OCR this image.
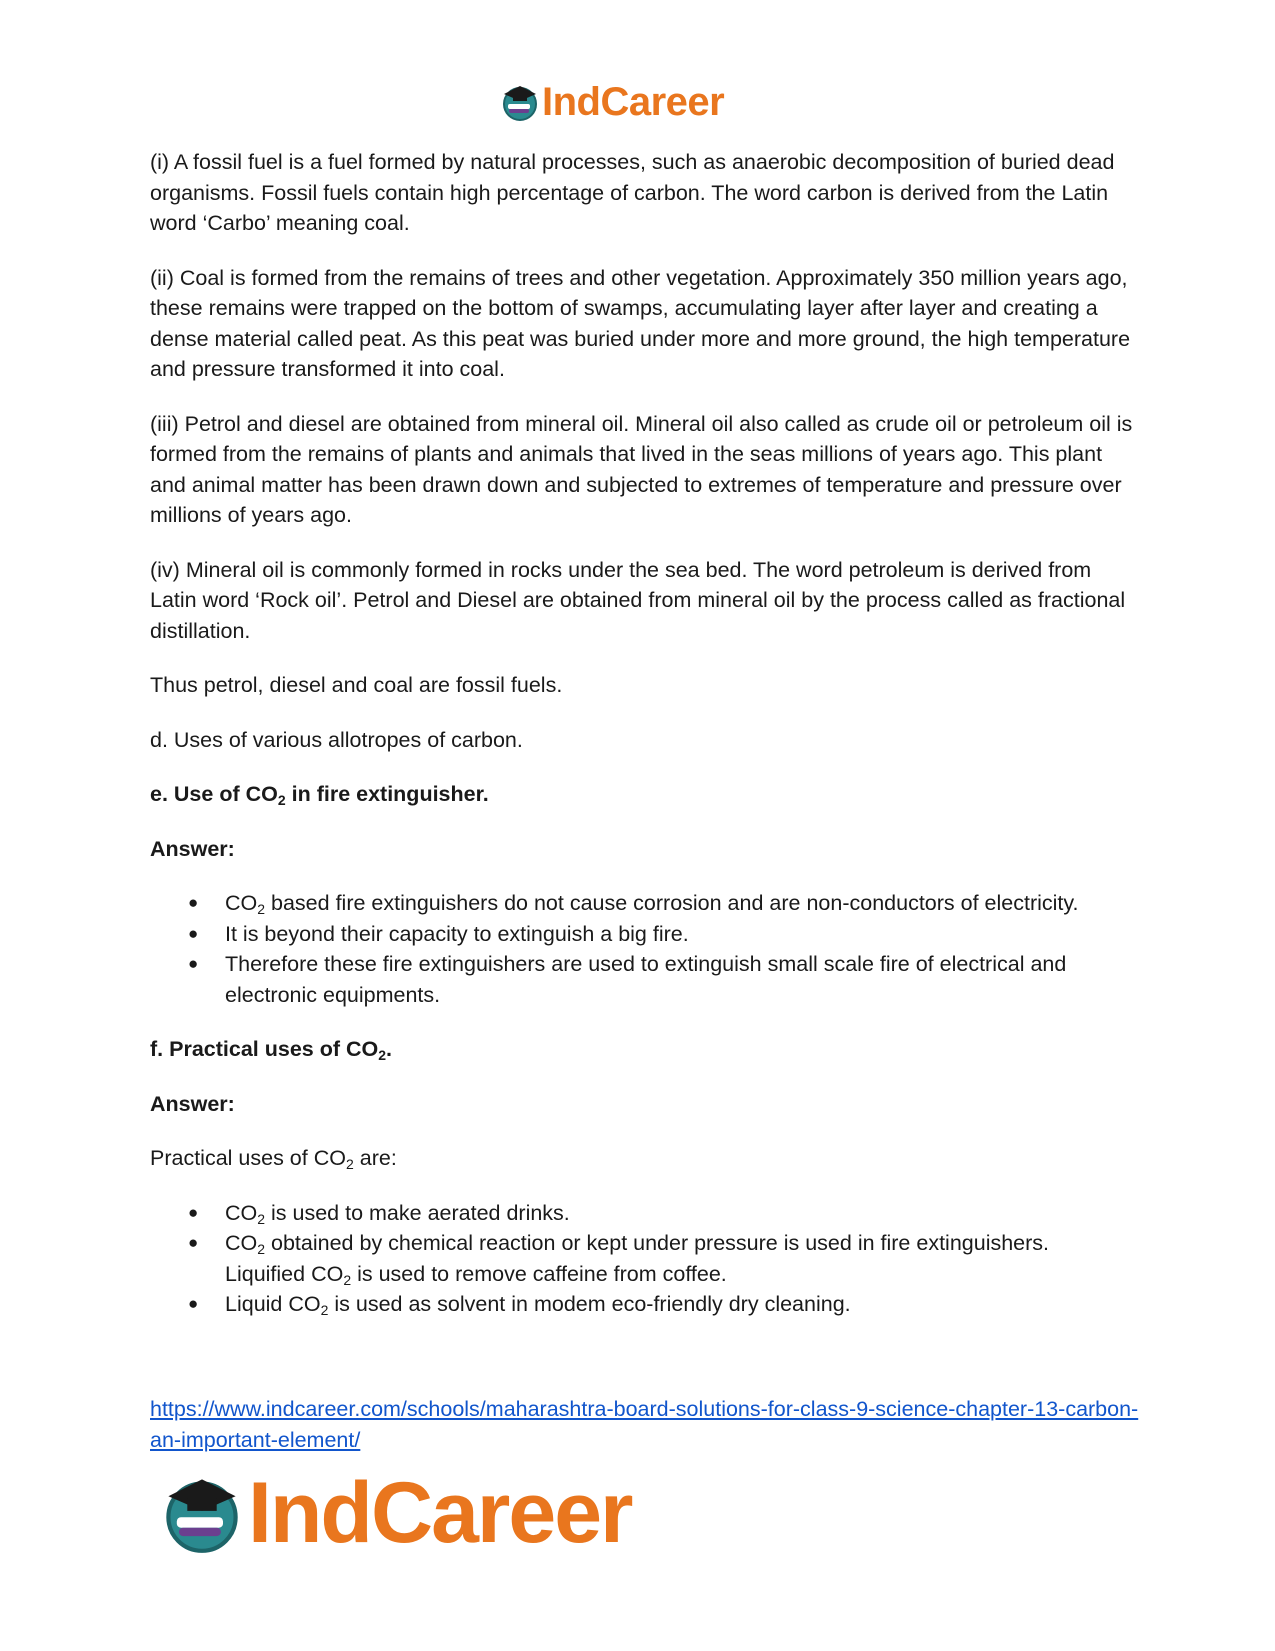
IndCareer

(i) A fossil fuel is a fuel formed by natural processes, such as anaerobic decomposition of buried dead organisms. Fossil fuels contain high percentage of carbon. The word carbon is derived from the Latin word ‘Carbo’ meaning coal.

(ii) Coal is formed from the remains of trees and other vegetation. Approximately 350 million years ago, these remains were trapped on the bottom of swamps, accumulating layer after layer and creating a dense material called peat. As this peat was buried under more and more ground, the high temperature and pressure transformed it into coal.

(iii) Petrol and diesel are obtained from mineral oil. Mineral oil also called as crude oil or petroleum oil is formed from the remains of plants and animals that lived in the seas millions of years ago. This plant and animal matter has been drawn down and subjected to extremes of temperature and pressure over millions of years ago.

(iv) Mineral oil is commonly formed in rocks under the sea bed. The word petroleum is derived from Latin word ‘Rock oil’. Petrol and Diesel are obtained from mineral oil by the process called as fractional distillation.

Thus petrol, diesel and coal are fossil fuels.

d. Uses of various allotropes of carbon.

e. Use of $CO_2$ in fire extinguisher.

Answer:

● $CO_2$ based fire extinguishers do not cause corrosion and are non-conductors of electricity.
● It is beyond their capacity to extinguish a big fire.
● Therefore these fire extinguishers are used to extinguish small scale fire of electrical and electronic equipments.

f. Practical uses of $CO_2$.

Answer:

Practical uses of $CO_2$ are:

● $CO_2$ is used to make aerated drinks.
● $CO_2$ obtained by chemical reaction or kept under pressure is used in fire extinguishers. Liquified $CO_2$ is used to remove caffeine from coffee.
● Liquid $CO_2$ is used as solvent in modem eco-friendly dry cleaning.
https://www.indcareer.com/schools/maharashtra-board-solutions-for-class-9-science-chapter-13-carbon-an-important-element/
IndCareer
